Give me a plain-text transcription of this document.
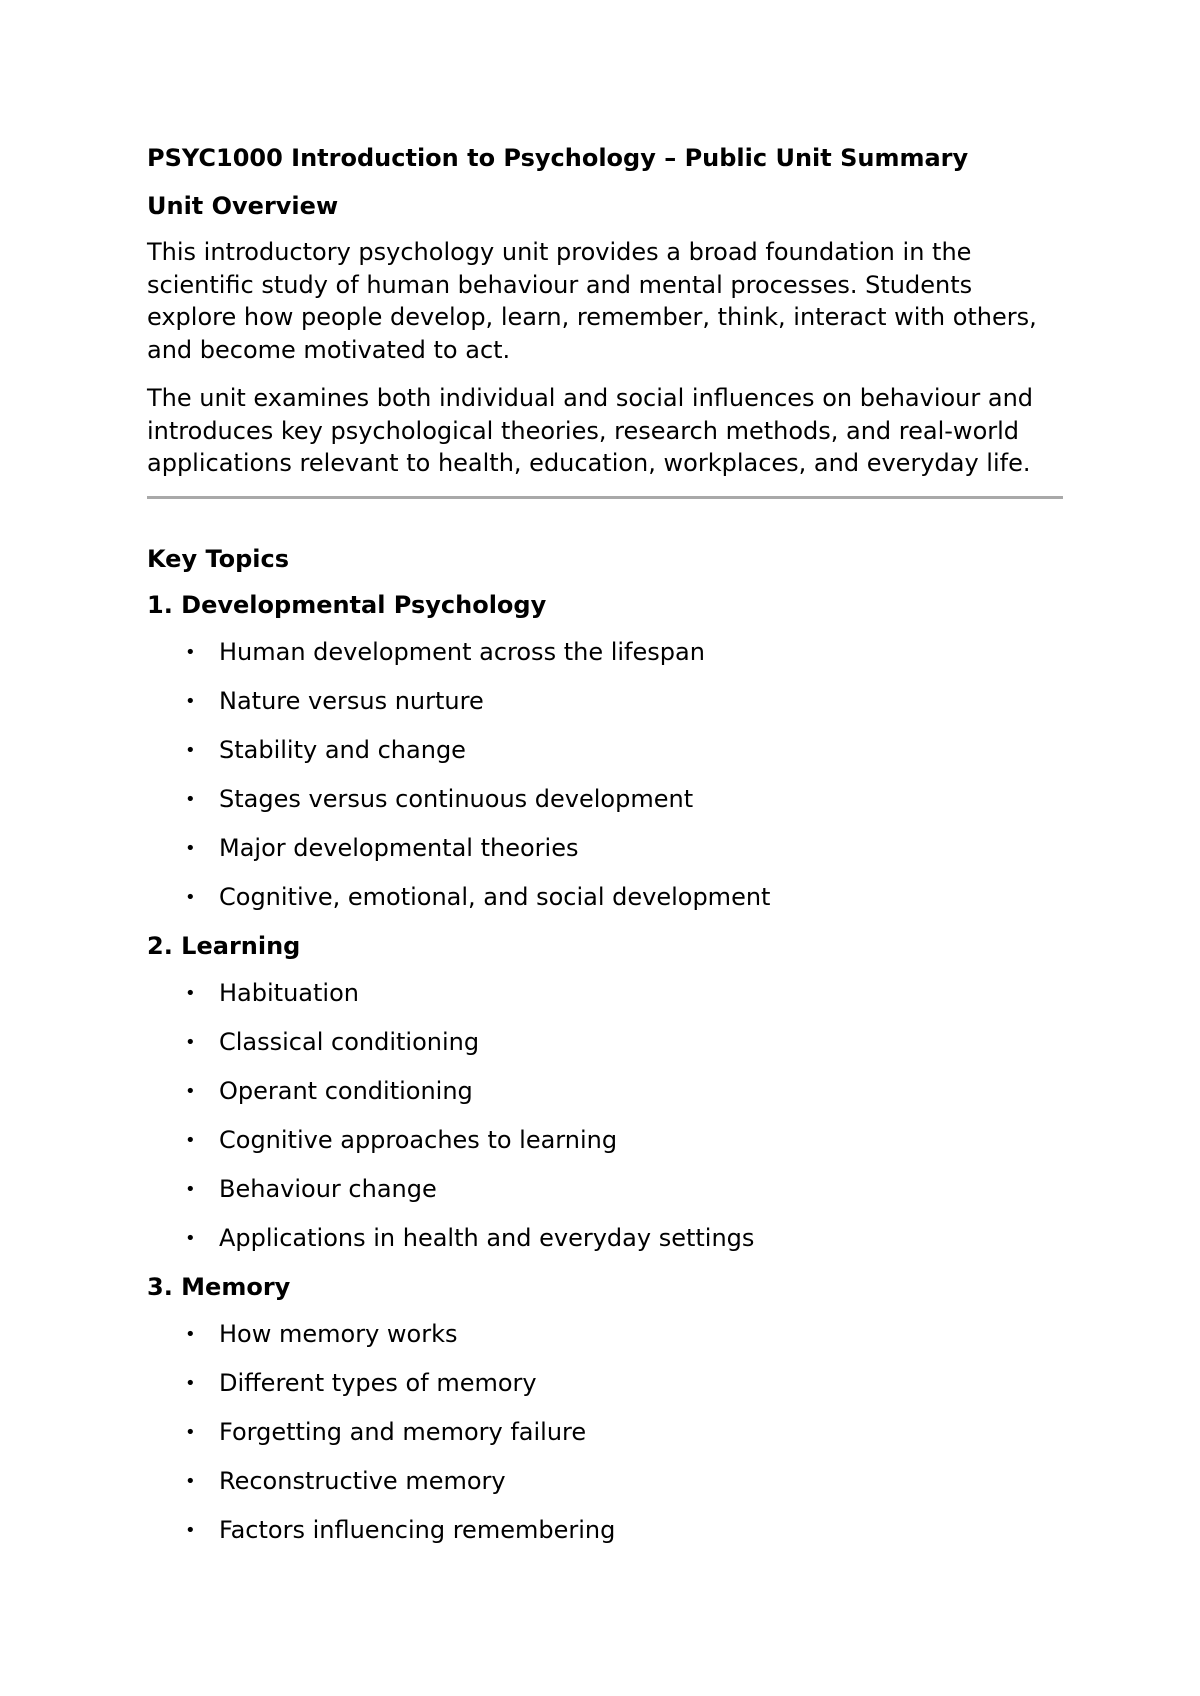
PSYC1000 Introduction to Psychology – Public Unit Summary
Unit Overview

This introductory psychology unit provides a broad foundation in the scientific study of human behaviour and mental processes. Students explore how people develop, learn, remember, think, interact with others, and become motivated to act.

The unit examines both individual and social influences on behaviour and introduces key psychological theories, research methods, and real-world applications relevant to health, education, workplaces, and everyday life.

Key Topics
1. Developmental Psychology
• Human development across the lifespan
• Nature versus nurture
• Stability and change
• Stages versus continuous development
• Major developmental theories
• Cognitive, emotional, and social development
2. Learning
• Habituation
• Classical conditioning
• Operant conditioning
• Cognitive approaches to learning
• Behaviour change
• Applications in health and everyday settings
3. Memory
• How memory works
• Different types of memory
• Forgetting and memory failure
• Reconstructive memory
• Factors influencing remembering
